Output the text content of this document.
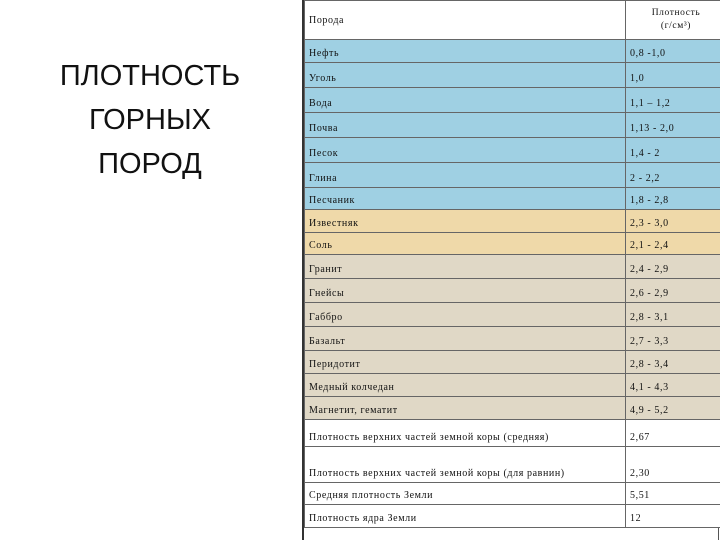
ПЛОТНОСТЬ
ГОРНЫХ
ПОРОД
Порода	Плотность
(г/см³)

Нефть	0,8 -1,0
Уголь	1,0
Вода	1,1 – 1,2
Почва	1,13 - 2,0
Песок	1,4 - 2
Глина	2 - 2,2
Песчаник	1,8 - 2,8
Известняк	2,3 - 3,0
Соль	2,1 - 2,4
Гранит	2,4 - 2,9
Гнейсы	2,6 - 2,9
Габбро	2,8 - 3,1
Базальт	2,7 - 3,3
Перидотит	2,8 - 3,4
Медный колчедан	4,1 - 4,3
Магнетит, гематит	4,9 - 5,2
Плотность верхних частей земной коры (средняя)	2,67
Плотность верхних частей земной коры (для равнин)	2,30
Средняя плотность Земли	5,51
Плотность ядра Земли	12
